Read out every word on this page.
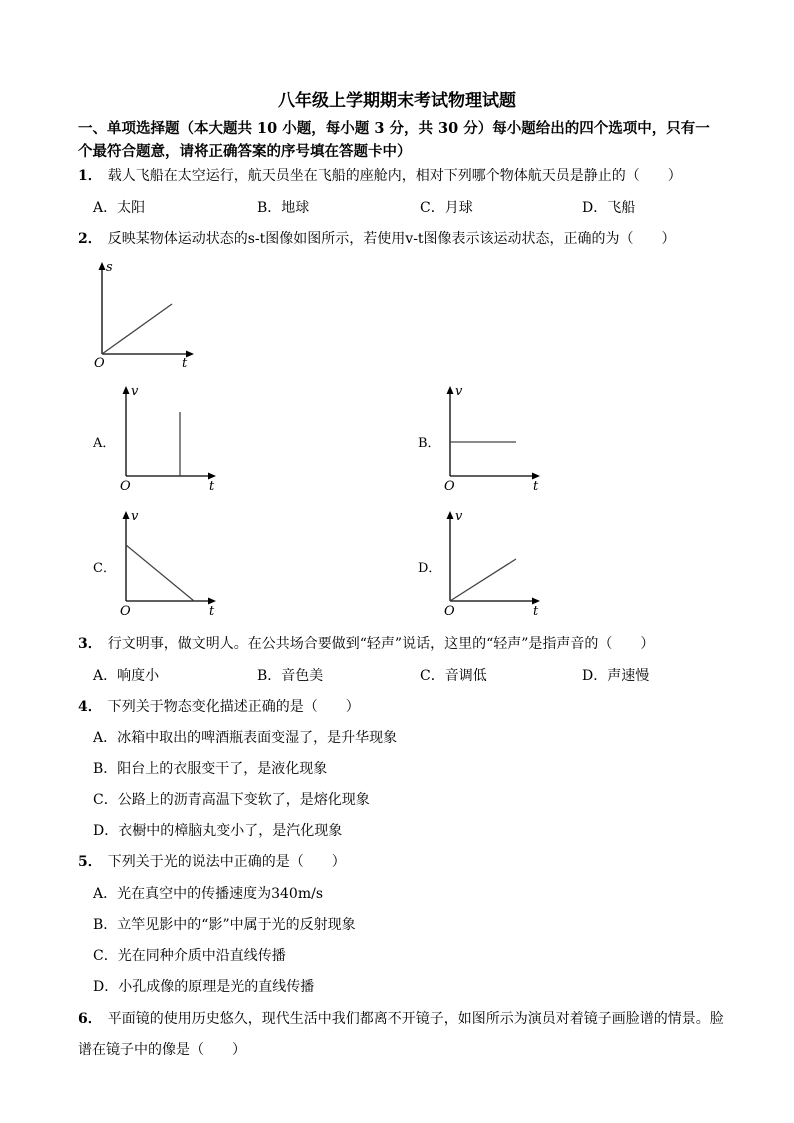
八年级上学期期末考试物理试题
一、单项选择题（本大题共 10 小题，每小题 3 分，共 30 分）每小题给出的四个选项中，只有一
个最符合题意，请将正确答案的序号填在答题卡中）
1． 载人飞船在太空运行，航天员坐在飞船的座舱内，相对下列哪个物体航天员是静止的（　　）
A．太阳	B．地球	C．月球	D．飞船
2． 反映某物体运动状态的s-t图像如图所示，若使用v-t图像表示该运动状态，正确的为（　　）
s
t
O
A．
v
t
O
B．
v
t
O
C．
v
t
O
D．
v
t
O
3． 行文明事，做文明人。在公共场合要做到“轻声”说话，这里的“轻声”是指声音的（　　）
A．响度小	B．音色美	C．音调低	D．声速慢
4． 下列关于物态变化描述正确的是（　　）
A．冰箱中取出的啤酒瓶表面变湿了，是升华现象
B．阳台上的衣服变干了，是液化现象
C．公路上的沥青高温下变软了，是熔化现象
D．衣橱中的樟脑丸变小了，是汽化现象
5． 下列关于光的说法中正确的是（　　）
A．光在真空中的传播速度为340m/s
B．立竿见影中的“影”中属于光的反射现象
C．光在同种介质中沿直线传播
D．小孔成像的原理是光的直线传播
6． 平面镜的使用历史悠久，现代生活中我们都离不开镜子，如图所示为演员对着镜子画脸谱的情景。脸
谱在镜子中的像是（　　）
